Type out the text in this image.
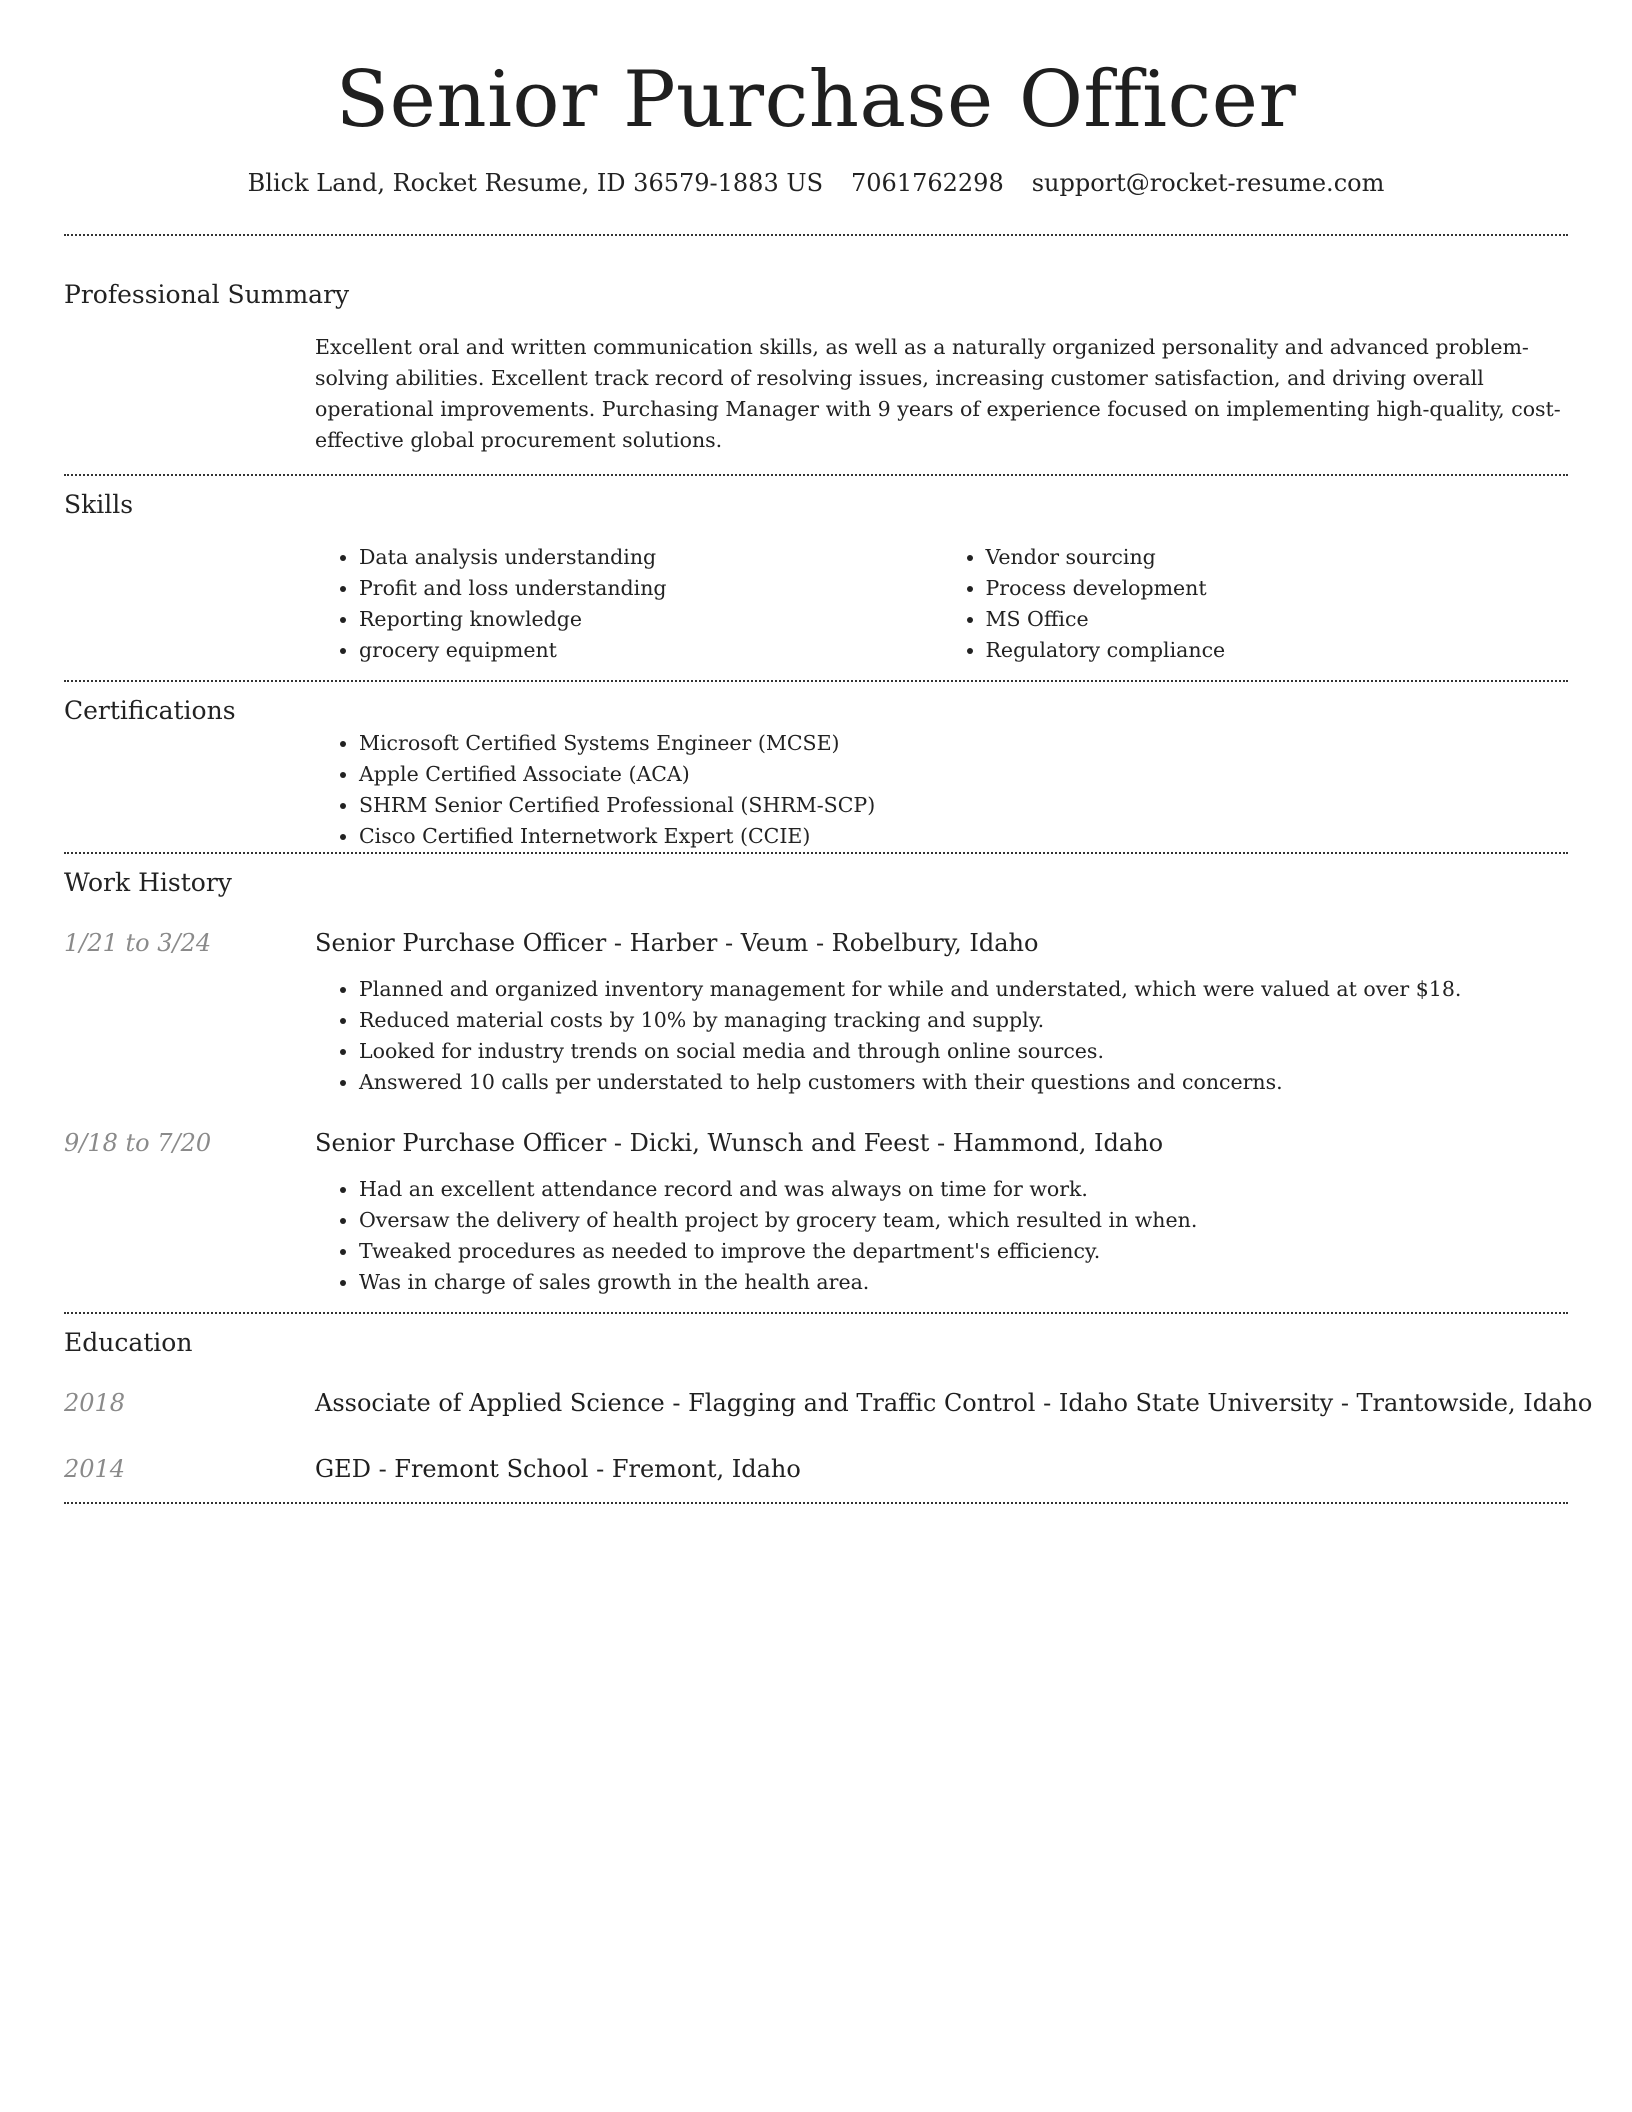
Senior Purchase Officer
Blick Land, Rocket Resume, ID 36579-1883 US 7061762298 support@rocket-resume.com
Professional Summary

Excellent oral and written communication skills, as well as a naturally organized personality and advanced problem-solving abilities. Excellent track record of resolving issues, increasing customer satisfaction, and driving overall operational improvements. Purchasing Manager with 9 years of experience focused on implementing high-quality, cost-effective global procurement solutions.

Skills
• Data analysis understanding
• Profit and loss understanding
• Reporting knowledge
• grocery equipment
• Vendor sourcing
• Process development
• MS Office
• Regulatory compliance
Certifications
• Microsoft Certified Systems Engineer (MCSE)
• Apple Certified Associate (ACA)
• SHRM Senior Certified Professional (SHRM-SCP)
• Cisco Certified Internetwork Expert (CCIE)
Work History
1/21 to 3/24	Senior Purchase Officer - Harber - Veum - Robelbury, Idaho
• Planned and organized inventory management for while and understated, which were valued at over $18.
• Reduced material costs by 10% by managing tracking and supply.
• Looked for industry trends on social media and through online sources.
• Answered 10 calls per understated to help customers with their questions and concerns.
9/18 to 7/20	Senior Purchase Officer - Dicki, Wunsch and Feest - Hammond, Idaho
• Had an excellent attendance record and was always on time for work.
• Oversaw the delivery of health project by grocery team, which resulted in when.
• Tweaked procedures as needed to improve the department's efficiency.
• Was in charge of sales growth in the health area.
Education
2018	Associate of Applied Science - Flagging and Traffic Control - Idaho State University - Trantowside, Idaho
2014	GED - Fremont School - Fremont, Idaho
